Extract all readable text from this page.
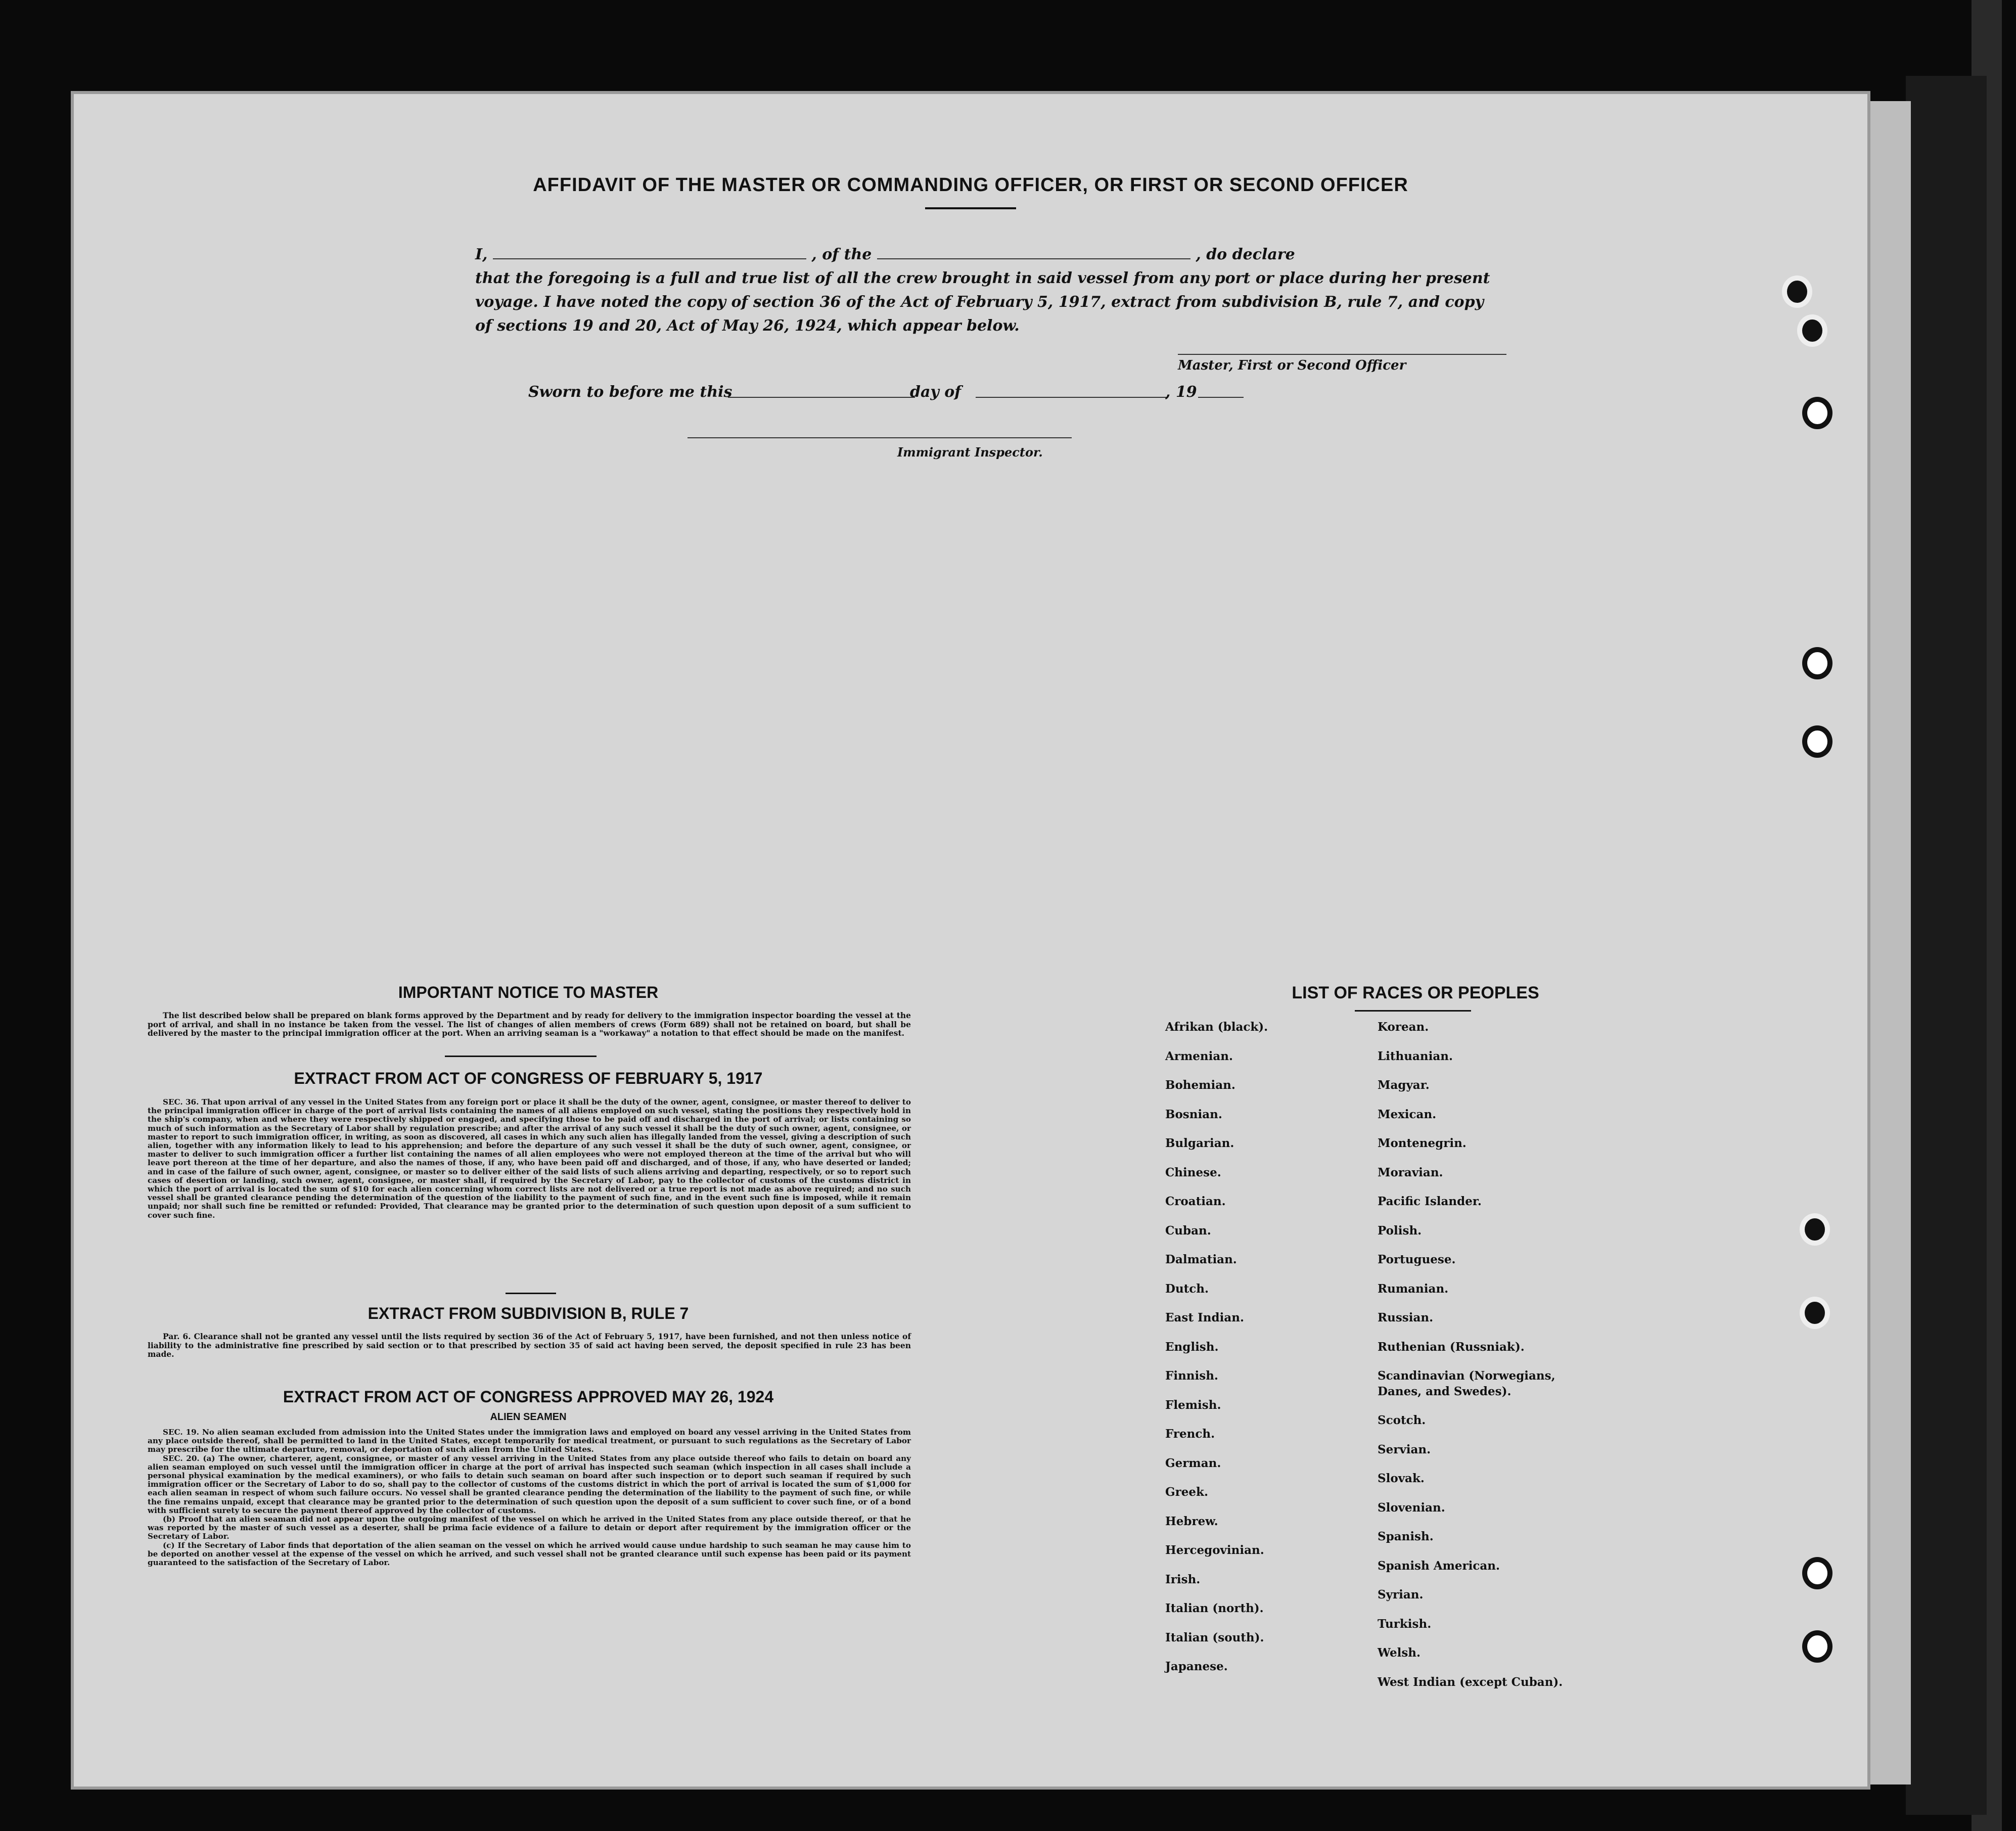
AFFIDAVIT OF THE MASTER OR COMMANDING OFFICER, OR FIRST OR SECOND OFFICER
I,	, of the	, do declare
that the foregoing is a full and true list of all the crew brought in said vessel from any port or place during her present
voyage. I have noted the copy of section 36 of the Act of February 5, 1917, extract from subdivision B, rule 7, and copy
of sections 19 and 20, Act of May 26, 1924, which appear below.
Master, First or Second Officer
Sworn to before me this	day of	, 19
Immigrant Inspector.
IMPORTANT NOTICE TO MASTER

The list described below shall be prepared on blank forms approved by the Department and by ready for delivery to the immigration inspector boarding the vessel at the port of arrival, and shall in no instance be taken from the vessel. The list of changes of alien members of crews (Form 689) shall not be retained on board, but shall be delivered by the master to the principal immigration officer at the port. When an arriving seaman is a "workaway" a notation to that effect should be made on the manifest.

EXTRACT FROM ACT OF CONGRESS OF FEBRUARY 5, 1917

SEC. 36. That upon arrival of any vessel in the United States from any foreign port or place it shall be the duty of the owner, agent, consignee, or master thereof to deliver to the principal immigration officer in charge of the port of arrival lists containing the names of all aliens employed on such vessel, stating the positions they respectively hold in the ship's company, when and where they were respectively shipped or engaged, and specifying those to be paid off and discharged in the port of arrival; or lists containing so much of such information as the Secretary of Labor shall by regulation prescribe; and after the arrival of any such vessel it shall be the duty of such owner, agent, consignee, or master to report to such immigration officer, in writing, as soon as discovered, all cases in which any such alien has illegally landed from the vessel, giving a description of such alien, together with any information likely to lead to his apprehension; and before the departure of any such vessel it shall be the duty of such owner, agent, consignee, or master to deliver to such immigration officer a further list containing the names of all alien employees who were not employed thereon at the time of the arrival but who will leave port thereon at the time of her departure, and also the names of those, if any, who have been paid off and discharged, and of those, if any, who have deserted or landed; and in case of the failure of such owner, agent, consignee, or master so to deliver either of the said lists of such aliens arriving and departing, respectively, or so to report such cases of desertion or landing, such owner, agent, consignee, or master shall, if required by the Secretary of Labor, pay to the collector of customs of the customs district in which the port of arrival is located the sum of $10 for each alien concerning whom correct lists are not delivered or a true report is not made as above required; and no such vessel shall be granted clearance pending the determination of the question of the liability to the payment of such fine, and in the event such fine is imposed, while it remain unpaid; nor shall such fine be remitted or refunded: Provided, That clearance may be granted prior to the determination of such question upon deposit of a sum sufficient to cover such fine.

EXTRACT FROM SUBDIVISION B, RULE 7

Par. 6. Clearance shall not be granted any vessel until the lists required by section 36 of the Act of February 5, 1917, have been furnished, and not then unless notice of liability to the administrative fine prescribed by said section or to that prescribed by section 35 of said act having been served, the deposit specified in rule 23 has been made.

EXTRACT FROM ACT OF CONGRESS APPROVED MAY 26, 1924
ALIEN SEAMEN

SEC. 19. No alien seaman excluded from admission into the United States under the immigration laws and employed on board any vessel arriving in the United States from any place outside thereof, shall be permitted to land in the United States, except temporarily for medical treatment, or pursuant to such regulations as the Secretary of Labor may prescribe for the ultimate departure, removal, or deportation of such alien from the United States.

SEC. 20. (a) The owner, charterer, agent, consignee, or master of any vessel arriving in the United States from any place outside thereof who fails to detain on board any alien seaman employed on such vessel until the immigration officer in charge at the port of arrival has inspected such seaman (which inspection in all cases shall include a personal physical examination by the medical examiners), or who fails to detain such seaman on board after such inspection or to deport such seaman if required by such immigration officer or the Secretary of Labor to do so, shall pay to the collector of customs of the customs district in which the port of arrival is located the sum of $1,000 for each alien seaman in respect of whom such failure occurs. No vessel shall be granted clearance pending the determination of the liability to the payment of such fine, or while the fine remains unpaid, except that clearance may be granted prior to the determination of such question upon the deposit of a sum sufficient to cover such fine, or of a bond with sufficient surety to secure the payment thereof approved by the collector of customs.

(b) Proof that an alien seaman did not appear upon the outgoing manifest of the vessel on which he arrived in the United States from any place outside thereof, or that he was reported by the master of such vessel as a deserter, shall be prima facie evidence of a failure to detain or deport after requirement by the immigration officer or the Secretary of Labor.

(c) If the Secretary of Labor finds that deportation of the alien seaman on the vessel on which he arrived would cause undue hardship to such seaman he may cause him to be deported on another vessel at the expense of the vessel on which he arrived, and such vessel shall not be granted clearance until such expense has been paid or its payment guaranteed to the satisfaction of the Secretary of Labor.

LIST OF RACES OR PEOPLES
Afrikan (black).
Armenian.
Bohemian.
Bosnian.
Bulgarian.
Chinese.
Croatian.
Cuban.
Dalmatian.
Dutch.
East Indian.
English.
Finnish.
Flemish.
French.
German.
Greek.
Hebrew.
Hercegovinian.
Irish.
Italian (north).
Italian (south).
Japanese.
Korean.
Lithuanian.
Magyar.
Mexican.
Montenegrin.
Moravian.
Pacific Islander.
Polish.
Portuguese.
Rumanian.
Russian.
Ruthenian (Russniak).
Scandinavian (Norwegians,
Danes, and Swedes).
Scotch.
Servian.
Slovak.
Slovenian.
Spanish.
Spanish American.
Syrian.
Turkish.
Welsh.
West Indian (except Cuban).
